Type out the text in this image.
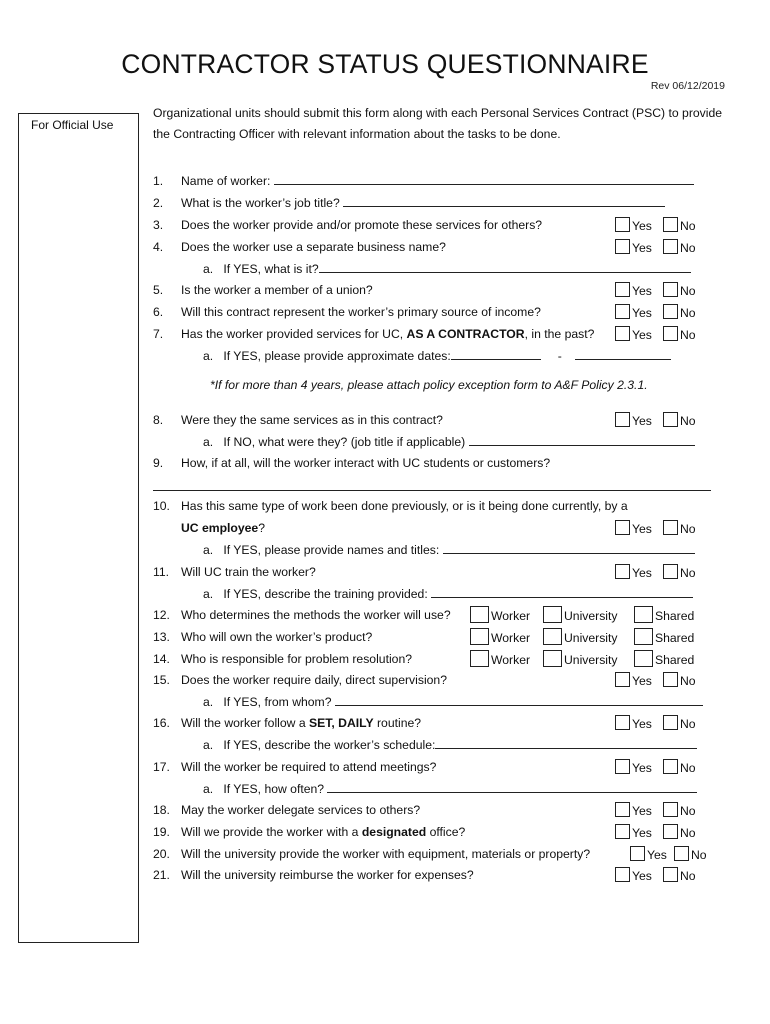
CONTRACTOR STATUS QUESTIONNAIRE
Rev 06/12/2019
For Official Use
Organizational units should submit this form along with each Personal Services Contract (PSC) to provide the Contracting Officer with relevant information about the tasks to be done.
1.	Name of worker:
2.	What is the worker’s job title?
3.	Does the worker provide and/or promote these services for others?	Yes No
4.	Does the worker use a separate business name?	Yes No
a. If YES, what is it?
5.	Is the worker a member of a union?	Yes No
6.	Will this contract represent the worker’s primary source of income?	Yes No
7.	Has the worker provided services for UC, AS A CONTRACTOR, in the past?	Yes No
a. If YES, please provide approximate dates:	-
*If for more than 4 years, please attach policy exception form to A&F Policy 2.3.1.
8.	Were they the same services as in this contract?	Yes No
a. If NO, what were they? (job title if applicable)
9.	How, if at all, will the worker interact with UC students or customers?
10. Has this same type of work been done previously, or is it being done currently, by a
UC employee?	Yes No
a. If YES, please provide names and titles:
11. Will UC train the worker?	Yes No
a. If YES, describe the training provided:
12. Who determines the methods the worker will use?	Worker	University	Shared
13. Who will own the worker’s product?	Worker	University	Shared
14. Who is responsible for problem resolution?	Worker	University	Shared
15. Does the worker require daily, direct supervision?	Yes No
a. If YES, from whom?
16. Will the worker follow a SET, DAILY routine?	Yes No
a. If YES, describe the worker’s schedule:
17. Will the worker be required to attend meetings?	Yes No
a. If YES, how often?
18. May the worker delegate services to others?	Yes No
19. Will we provide the worker with a designated office?	Yes No
20. Will the university provide the worker with equipment, materials or property?	Yes No
21. Will the university reimburse the worker for expenses?	Yes No
